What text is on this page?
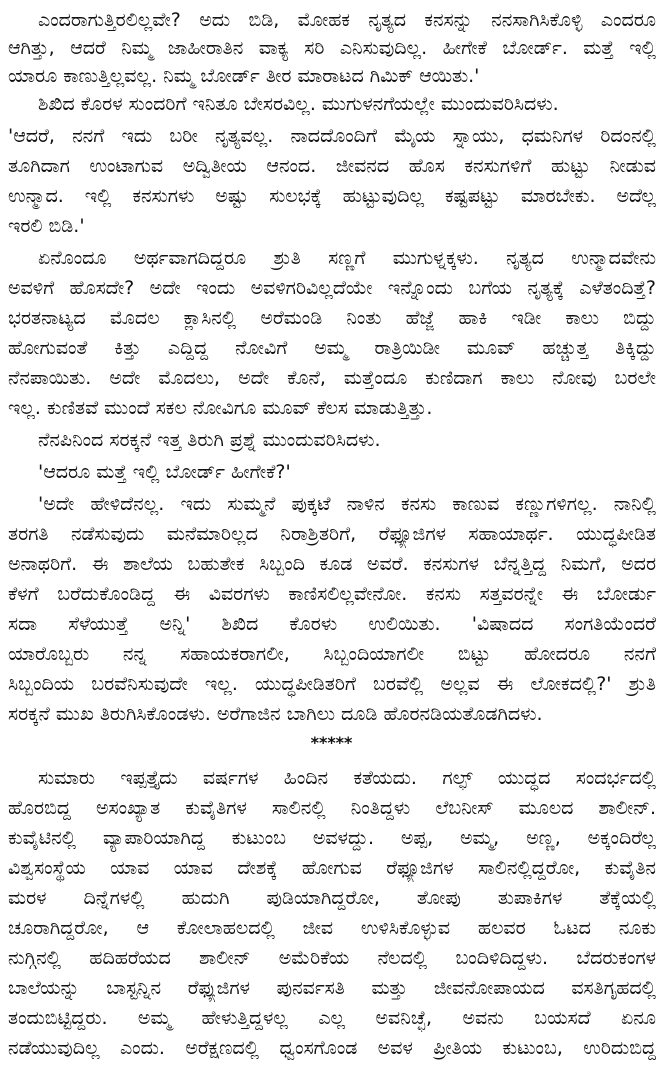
ಎಂದರಾಗುತ್ತಿರಲಿಲ್ಲವೇ? ಅದು ಬಿಡಿ, ಮೋಹಕ ನೃತ್ಯದ ಕನಸನ್ನು ನನಸಾಗಿಸಿಕೊಳ್ಳಿ ಎಂದರೂ
ಆಗಿತ್ತು, ಆದರೆ ನಿಮ್ಮ ಜಾಹೀರಾತಿನ ವಾಕ್ಯ ಸರಿ ಎನಿಸುವುದಿಲ್ಲ. ಹೀಗೇಕೆ ಬೋರ್ಡ್. ಮತ್ತೆ ಇಲ್ಲಿ
ಯಾರೂ ಕಾಣುತ್ತಿಲ್ಲವಲ್ಲ. ನಿಮ್ಮ ಬೋರ್ಡ್ ತೀರ ಮಾರಾಟದ ಗಿಮಿಕ್ ಆಯಿತು.'
ಶಿಖಿದ ಕೊರಳ ಸುಂದರಿಗೆ ಇನಿತೂ ಬೇಸರವಿಲ್ಲ. ಮುಗುಳನಗೆಯಲ್ಲೇ ಮುಂದುವರಿಸಿದಳು.
'ಆದರೆ, ನನಗೆ ಇದು ಬರೀ ನೃತ್ಯವಲ್ಲ. ನಾದದೊಂದಿಗೆ ಮೈಯ ಸ್ನಾಯು, ಧಮನಿಗಳ ರಿದಂನಲ್ಲಿ
ತೂಗಿದಾಗ ಉಂಟಾಗುವ ಅದ್ವಿತೀಯ ಆನಂದ. ಜೀವನದ ಹೊಸ ಕನಸುಗಳಿಗೆ ಹುಟ್ಟು ನೀಡುವ
ಉನ್ಮಾದ. ಇಲ್ಲಿ ಕನಸುಗಳು ಅಷ್ಟು ಸುಲಭಕ್ಕೆ ಹುಟ್ಟುವುದಿಲ್ಲ ಕಷ್ಟಪಟ್ಟು ಮಾರಬೇಕು. ಅದೆಲ್ಲ
ಇರಲಿ ಬಿಡಿ.'
ಏನೊಂದೂ ಅರ್ಥವಾಗದಿದ್ದರೂ ಶ್ರುತಿ ಸಣ್ಣಗೆ ಮುಗುಳ್ನಕ್ಕಳು. ನೃತ್ಯದ ಉನ್ಮಾದವೇನು
ಅವಳಿಗೆ ಹೊಸದೇ? ಅದೇ ಇಂದು ಅವಳಿಗರಿವಿಲ್ಲದೆಯೇ ಇನ್ನೊಂದು ಬಗೆಯ ನೃತ್ಯಕ್ಕೆ ಎಳೆತಂದಿತ್ತೆ?
ಭರತನಾಟ್ಯದ ಮೊದಲ ಕ್ಲಾಸಿನಲ್ಲಿ ಅರೆಮಂಡಿ ನಿಂತು ಹೆಜ್ಜೆ ಹಾಕಿ ಇಡೀ ಕಾಲು ಬಿದ್ದು
ಹೋಗುವಂತೆ ಕಿತ್ತು ಎದ್ದಿದ್ದ ನೋವಿಗೆ ಅಮ್ಮ ರಾತ್ರಿಯಿಡೀ ಮೂವ್ ಹಚ್ಚುತ್ತ ತಿಕ್ಕಿದ್ದು
ನೆನಪಾಯಿತು. ಅದೇ ಮೊದಲು, ಅದೇ ಕೊನೆ, ಮತ್ತೆಂದೂ ಕುಣಿದಾಗ ಕಾಲು ನೋವು ಬರಲೇ
ಇಲ್ಲ. ಕುಣಿತವೆ ಮುಂದೆ ಸಕಲ ನೋವಿಗೂ ಮೂವ್ ಕೆಲಸ ಮಾಡುತ್ತಿತ್ತು.
ನೆನಪಿನಿಂದ ಸರಕ್ಕನೆ ಇತ್ತ ತಿರುಗಿ ಪ್ರಶ್ನೆ ಮುಂದುವರಿಸಿದಳು.
'ಆದರೂ ಮತ್ತೆ ಇಲ್ಲಿ ಬೋರ್ಡ್ ಹೀಗೇಕೆ?'
'ಅದೇ ಹೇಳಿದೆನಲ್ಲ. ಇದು ಸುಮ್ಮನೆ ಪುಕ್ಕಟೆ ನಾಳಿನ ಕನಸು ಕಾಣುವ ಕಣ್ಣುಗಳಿಗಲ್ಲ. ನಾನಿಲ್ಲಿ
ತರಗತಿ ನಡೆಸುವುದು ಮನೆಮಾರಿಲ್ಲದ ನಿರಾಶ್ರಿತರಿಗೆ, ರೆಫ್ಯೂಜಿಗಳ ಸಹಾಯಾರ್ಥ. ಯುದ್ಧಪೀಡಿತ
ಅನಾಥರಿಗೆ. ಈ ಶಾಲೆಯ ಬಹುತೇಕ ಸಿಬ್ಬಂದಿ ಕೂಡ ಅವರೆ. ಕನಸುಗಳ ಬೆನ್ನತ್ತಿದ್ದ ನಿಮಗೆ, ಅದರ
ಕೆಳಗೆ ಬರೆದುಕೊಂಡಿದ್ದ ಈ ವಿವರಗಳು ಕಾಣಿಸಲಿಲ್ಲವೇನೋ. ಕನಸು ಸತ್ತವರನ್ನೇ ಈ ಬೋರ್ಡು
ಸದಾ ಸೆಳೆಯುತ್ತೆ ಅನ್ನಿ' ಶಿಖಿದ ಕೊರಳು ಉಲಿಯಿತು. 'ವಿಷಾದದ ಸಂಗತಿಯೆಂದರೆ
ಯಾರೊಬ್ಬರು ನನ್ನ ಸಹಾಯಕರಾಗಲೀ, ಸಿಬ್ಬಂದಿಯಾಗಲೀ ಬಿಟ್ಟು ಹೋದರೂ ನನಗೆ
ಸಿಬ್ಬಂದಿಯ ಬರವೆನಿಸುವುದೇ ಇಲ್ಲ. ಯುದ್ಧಪೀಡಿತರಿಗೆ ಬರವೆಲ್ಲಿ ಅಲ್ಲವ ಈ ಲೋಕದಲ್ಲಿ?' ಶ್ರುತಿ
ಸರಕ್ಕನೆ ಮುಖ ತಿರುಗಿಸಿಕೊಂಡಳು. ಅರೆಗಾಜಿನ ಬಾಗಿಲು ದೂಡಿ ಹೊರನಡಿಯತೊಡಗಿದಳು.
*****
ಸುಮಾರು ಇಪ್ಪತ್ತೈದು ವರ್ಷಗಳ ಹಿಂದಿನ ಕತೆಯದು. ಗಲ್ಫ್ ಯುದ್ಧದ ಸಂದರ್ಭದಲ್ಲಿ
ಹೊರಬಿದ್ದ ಅಸಂಖ್ಯಾತ ಕುವೈತಿಗಳ ಸಾಲಿನಲ್ಲಿ ನಿಂತಿದ್ದಳು ಲೆಬನೀಸ್ ಮೂಲದ ಶಾಲೀನ್.
ಕುವೈಟಿನಲ್ಲಿ ವ್ಯಾಪಾರಿಯಾಗಿದ್ದ ಕುಟುಂಬ ಅವಳದ್ದು. ಅಪ್ಪ, ಅಮ್ಮ, ಅಣ್ಣ, ಅಕ್ಕಂದಿರೆಲ್ಲ
ವಿಶ್ವಸಂಸ್ಥೆಯ ಯಾವ ಯಾವ ದೇಶಕ್ಕೆ ಹೋಗುವ ರೆಫ್ಯೂಜಿಗಳ ಸಾಲಿನಲ್ಲಿದ್ದರೋ, ಕುವೈತಿನ
ಮರಳ ದಿನ್ನೆಗಳಲ್ಲಿ ಹುದುಗಿ ಪುಡಿಯಾಗಿದ್ದರೋ, ತೋಪು ತುಪಾಕಿಗಳ ತೆಕ್ಕೆಯಲ್ಲಿ
ಚೂರಾಗಿದ್ದರೋ, ಆ ಕೋಲಾಹಲದಲ್ಲಿ ಜೀವ ಉಳಿಸಿಕೊಳ್ಳುವ ಹಲವರ ಓಟದ ನೂಕು
ನುಗ್ಗಿನಲ್ಲಿ ಹದಿಹರೆಯದ ಶಾಲೀನ್ ಅಮೆರಿಕೆಯ ನೆಲದಲ್ಲಿ ಬಂದಿಳಿದಿದ್ದಳು. ಬೆದರುಕಂಗಳ
ಬಾಲೆಯನ್ನು ಬಾಸ್ಟನ್ನಿನ ರೆಫ್ಯುಜಿಗಳ ಪುನರ್ವಸತಿ ಮತ್ತು ಜೀವನೋಪಾಯದ ವಸತಿಗೃಹದಲ್ಲಿ
ತಂದುಬಿಟ್ಟಿದ್ದರು. ಅಮ್ಮ ಹೇಳುತ್ತಿದ್ದಳಲ್ಲ ಎಲ್ಲ ಅವನಿಚ್ಛೆ, ಅವನು ಬಯಸದೆ ಏನೂ
ನಡೆಯುವುದಿಲ್ಲ ಎಂದು. ಅರೆಕ್ಷಣದಲ್ಲಿ ಧ್ವಂಸಗೊಂಡ ಅವಳ ಪ್ರೀತಿಯ ಕುಟುಂಬ, ಉರಿದುಬಿದ್ದ
